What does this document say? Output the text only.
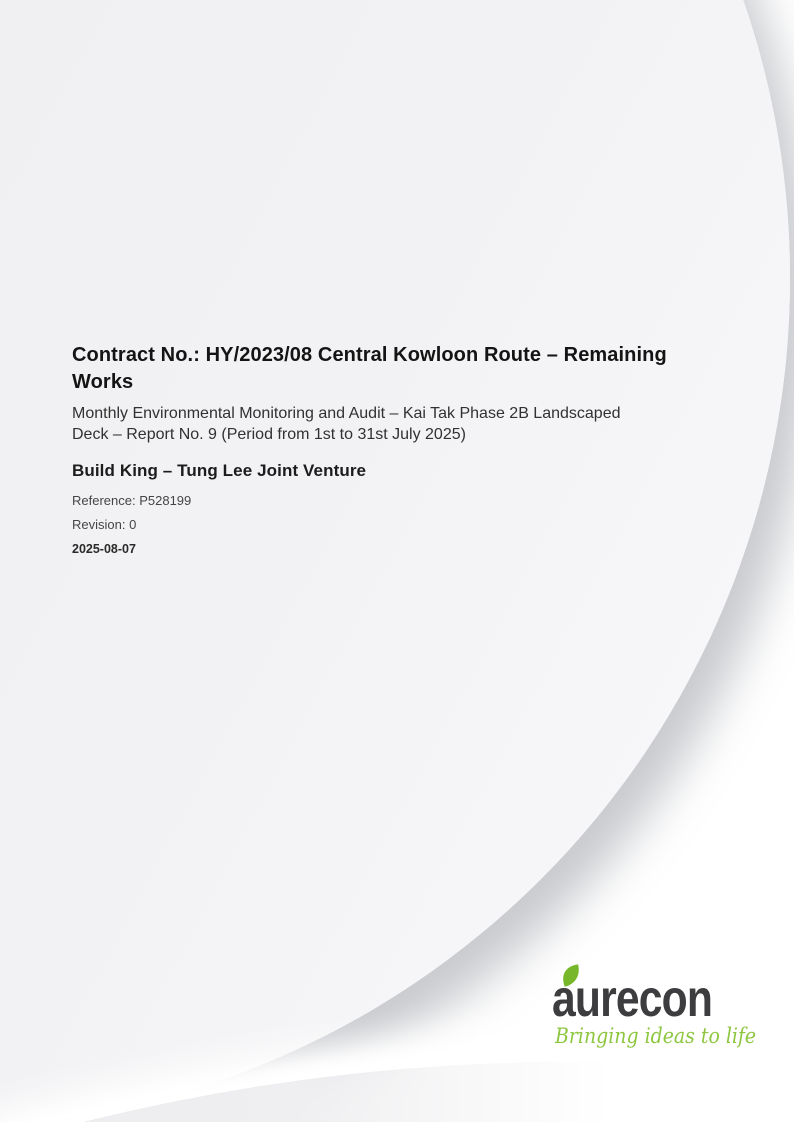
Contract No.: HY/2023/08 Central Kowloon Route – Remaining
Works

Monthly Environmental Monitoring and Audit – Kai Tak Phase 2B Landscaped
Deck – Report No. 9 (Period from 1st to 31st July 2025)

Build King – Tung Lee Joint Venture

Reference: P528199

Revision: 0

2025-08-07

aurecon
Bringing ideas to life
